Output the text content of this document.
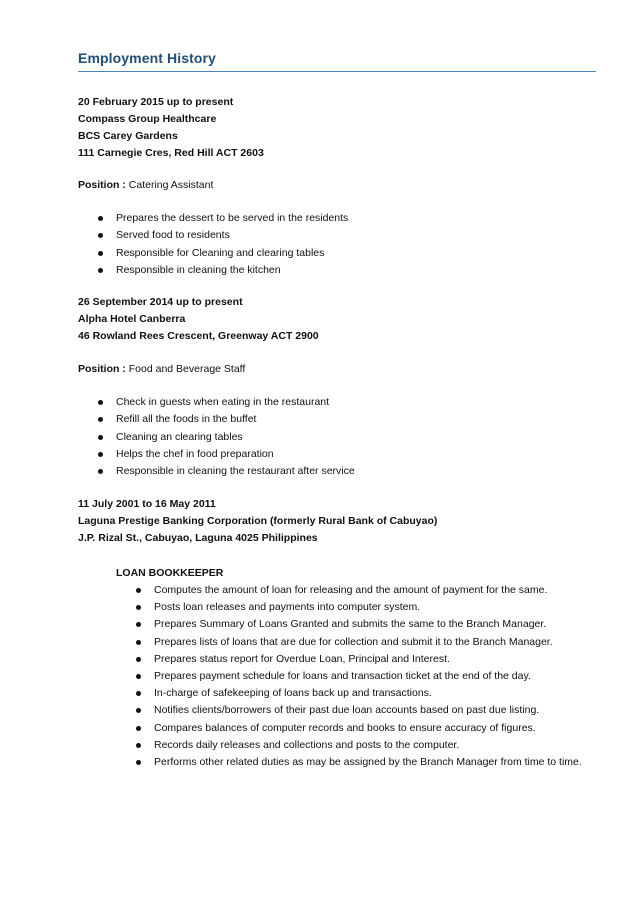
Employment History
20 February 2015 up to present
Compass Group Healthcare
BCS Carey Gardens
111 Carnegie Cres, Red Hill ACT 2603
Position : Catering Assistant
Prepares the dessert to be served in the residents
Served food to residents
Responsible for Cleaning and clearing tables
Responsible in cleaning the kitchen
26 September 2014 up to present
Alpha Hotel Canberra
46 Rowland Rees Crescent, Greenway ACT 2900
Position : Food and Beverage Staff
Check in guests when eating in the restaurant
Refill all the foods in the buffet
Cleaning an clearing tables
Helps the chef in food preparation
Responsible in cleaning the restaurant after service
11 July 2001 to 16 May 2011
Laguna Prestige Banking Corporation (formerly Rural Bank of Cabuyao)
J.P. Rizal St., Cabuyao, Laguna 4025 Philippines
LOAN BOOKKEEPER
Computes the amount of loan for releasing and the amount of payment for the same.
Posts loan releases and payments into computer system.
Prepares Summary of Loans Granted and submits the same to the Branch Manager.
Prepares lists of loans that are due for collection and submit it to the Branch Manager.
Prepares status report for Overdue Loan, Principal and Interest.
Prepares payment schedule for loans and transaction ticket at the end of the day.
In-charge of safekeeping of loans back up and transactions.
Notifies clients/borrowers of their past due loan accounts based on past due listing.
Compares balances of computer records and books to ensure accuracy of figures.
Records daily releases and collections and posts to the computer.
Performs other related duties as may be assigned by the Branch Manager from time to time.
